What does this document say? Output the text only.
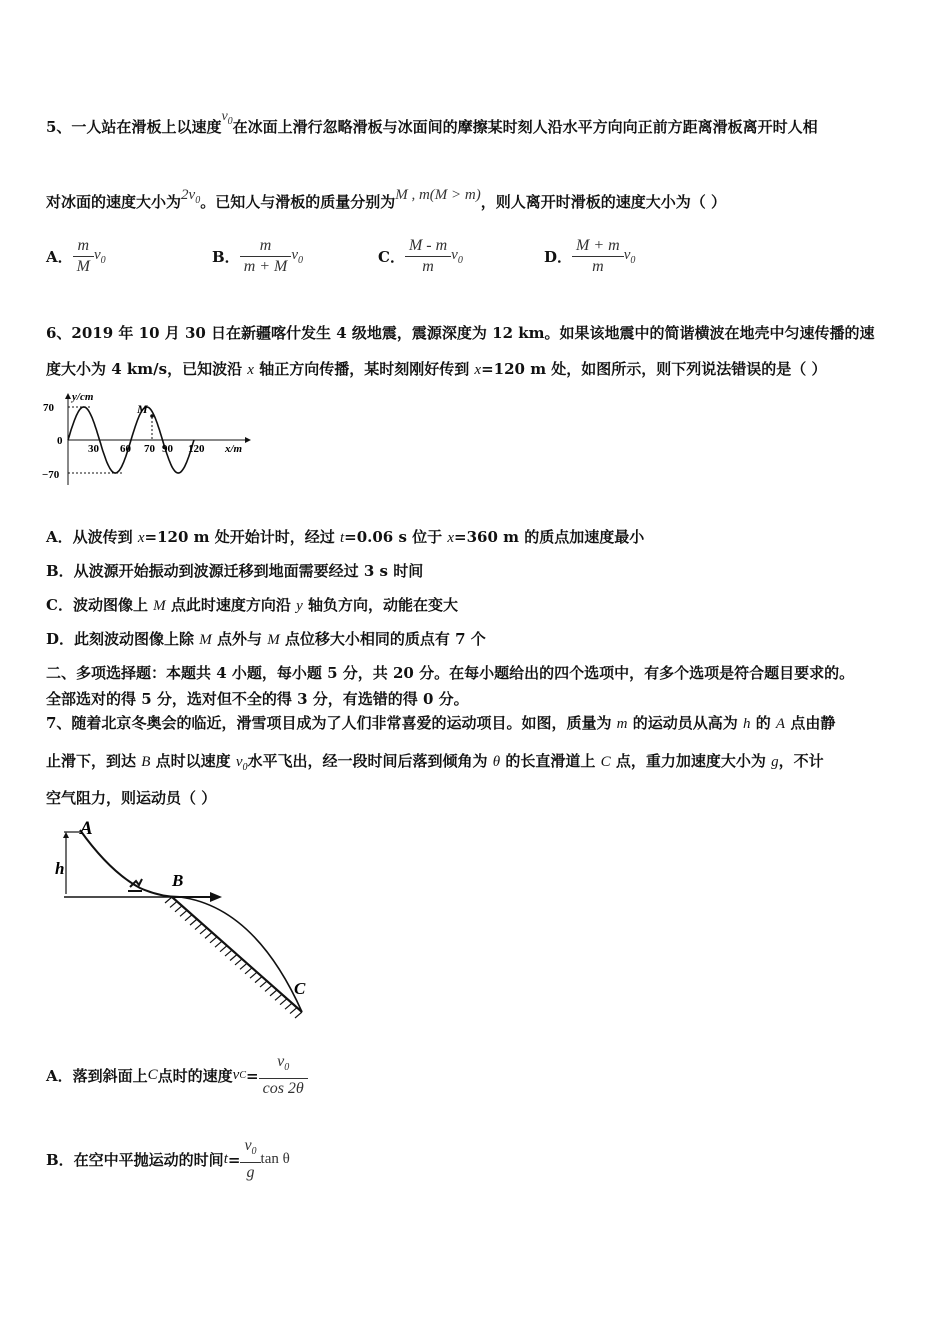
5、一人站在滑板上以速度$v_0$在冰面上滑行忽略滑板与冰面间的摩擦某时刻人沿水平方向向正前方距离滑板离开时人相
对冰面的速度大小为$2v_0$。已知人与滑板的质量分别为M , m(M > m)，则人离开时滑板的速度大小为（ ）
A． $\frac{m}{M} v_0$	B． $\frac{m}{m + M} v_0$	C． $\frac{M - m}{m} v_0$	D． $\frac{M + m}{m} v_0$
6、2019 年 10 月 30 日在新疆喀什发生 4 级地震，震源深度为 12 km。如果该地震中的简谐横波在地壳中匀速传播的速
度大小为 4 km/s，已知波沿 x 轴正方向传播，某时刻刚好传到 x=120 m 处，如图所示，则下列说法错误的是（ ）
y/cm
70
0
−70
30 60 70 90 120 x/m
M
A．从波传到 x=120 m 处开始计时，经过 t=0.06 s 位于 x=360 m 的质点加速度最小
B．从波源开始振动到波源迁移到地面需要经过 3 s 时间
C．波动图像上 M 点此时速度方向沿 y 轴负方向，动能在变大
D．此刻波动图像上除 M 点外与 M 点位移大小相同的质点有 7 个
二、多项选择题：本题共 4 小题，每小题 5 分，共 20 分。在每小题给出的四个选项中，有多个选项是符合题目要求的。
全部选对的得 5 分，选对但不全的得 3 分，有选错的得 0 分。
7、随着北京冬奥会的临近，滑雪项目成为了人们非常喜爱的运动项目。如图，质量为 m 的运动员从高为 h 的 A 点由静
止滑下，到达 B 点时以速度 $v_0$水平飞出，经一段时间后落到倾角为 θ 的长直滑道上 C 点，重力加速度大小为 g，不计
空气阻力，则运动员（ ）
h
A
B
C
A．落到斜面上 C 点时的速度 v $C = \frac{v_0}{\cos 2\theta}$
B．在空中平抛运动的时间 $t = \frac{v_0}{g}$ tan θ
